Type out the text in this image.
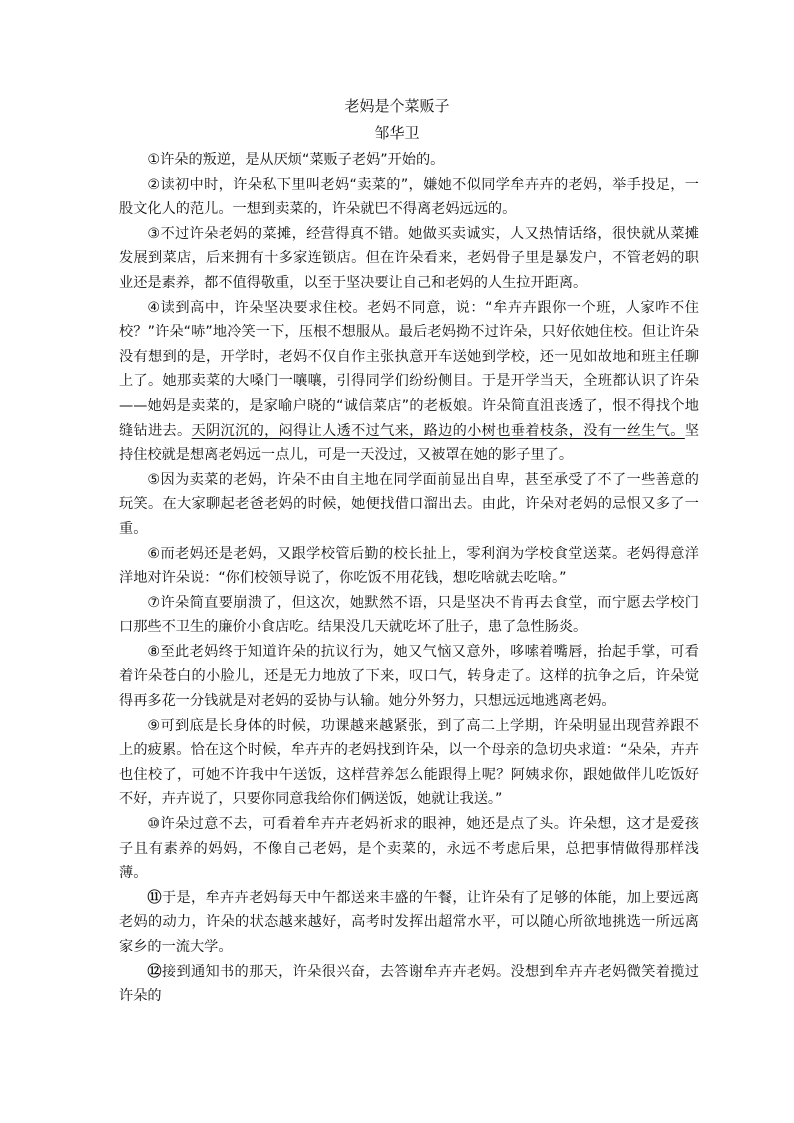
老妈是个菜贩子
邹华卫

①许朵的叛逆，是从厌烦“菜贩子老妈”开始的。

②读初中时，许朵私下里叫老妈“卖菜的”，嫌她不似同学牟卉卉的老妈，举手投足，一股文化人的范儿。一想到卖菜的，许朵就巴不得离老妈远远的。

③不过许朵老妈的菜摊，经营得真不错。她做买卖诚实，人又热情话络，很快就从菜摊发展到菜店，后来拥有十多家连锁店。但在许朵看来，老妈骨子里是暴发户，不管老妈的职业还是素养，都不值得敬重，以至于坚决要让自己和老妈的人生拉开距离。

④读到高中，许朵坚决要求住校。老妈不同意，说：“牟卉卉跟你一个班，人家咋不住校？”许朵“哧”地冷笑一下，压根不想服从。最后老妈拗不过许朵，只好依她住校。但让许朵没有想到的是，开学时，老妈不仅自作主张执意开车送她到学校，还一见如故地和班主任聊上了。她那卖菜的大嗓门一嚷嚷，引得同学们纷纷侧目。于是开学当天，全班都认识了许朵——她妈是卖菜的，是家喻户晓的“诚信菜店”的老板娘。许朵简直沮丧透了，恨不得找个地缝钻进去。天阴沉沉的，闷得让人透不过气来，路边的小树也垂着枝条，没有一丝生气。坚持住校就是想离老妈远一点儿，可是一天没过，又被罩在她的影子里了。

⑤因为卖菜的老妈，许朵不由自主地在同学面前显出自卑，甚至承受了不了一些善意的玩笑。在大家聊起老爸老妈的时候，她便找借口溜出去。由此，许朵对老妈的忌恨又多了一重。

⑥而老妈还是老妈，又跟学校管后勤的校长扯上，零利润为学校食堂送菜。老妈得意洋洋地对许朵说：“你们校领导说了，你吃饭不用花钱，想吃啥就去吃啥。”

⑦许朵简直要崩溃了，但这次，她默然不语，只是坚决不肯再去食堂，而宁愿去学校门口那些不卫生的廉价小食店吃。结果没几天就吃坏了肚子，患了急性肠炎。

⑧至此老妈终于知道许朵的抗议行为，她又气恼又意外，哆嗦着嘴唇，抬起手掌，可看着许朵苍白的小脸儿，还是无力地放了下来，叹口气，转身走了。这样的抗争之后，许朵觉得再多花一分钱就是对老妈的妥协与认输。她分外努力，只想远远地逃离老妈。

⑨可到底是长身体的时候，功课越来越紧张，到了高二上学期，许朵明显出现营养跟不上的疲累。恰在这个时候，牟卉卉的老妈找到许朵，以一个母亲的急切央求道：“朵朵，卉卉也住校了，可她不许我中午送饭，这样营养怎么能跟得上呢？阿姨求你，跟她做伴儿吃饭好不好，卉卉说了，只要你同意我给你们俩送饭，她就让我送。”

⑩许朵过意不去，可看着牟卉卉老妈祈求的眼神，她还是点了头。许朵想，这才是爱孩子且有素养的妈妈，不像自己老妈，是个卖菜的，永远不考虑后果，总把事情做得那样浅薄。

⑪于是，牟卉卉老妈每天中午都送来丰盛的午餐，让许朵有了足够的体能，加上要远离老妈的动力，许朵的状态越来越好，高考时发挥出超常水平，可以随心所欲地挑选一所远离家乡的一流大学。

⑫接到通知书的那天，许朵很兴奋，去答谢牟卉卉老妈。没想到牟卉卉老妈微笑着揽过许朵的
